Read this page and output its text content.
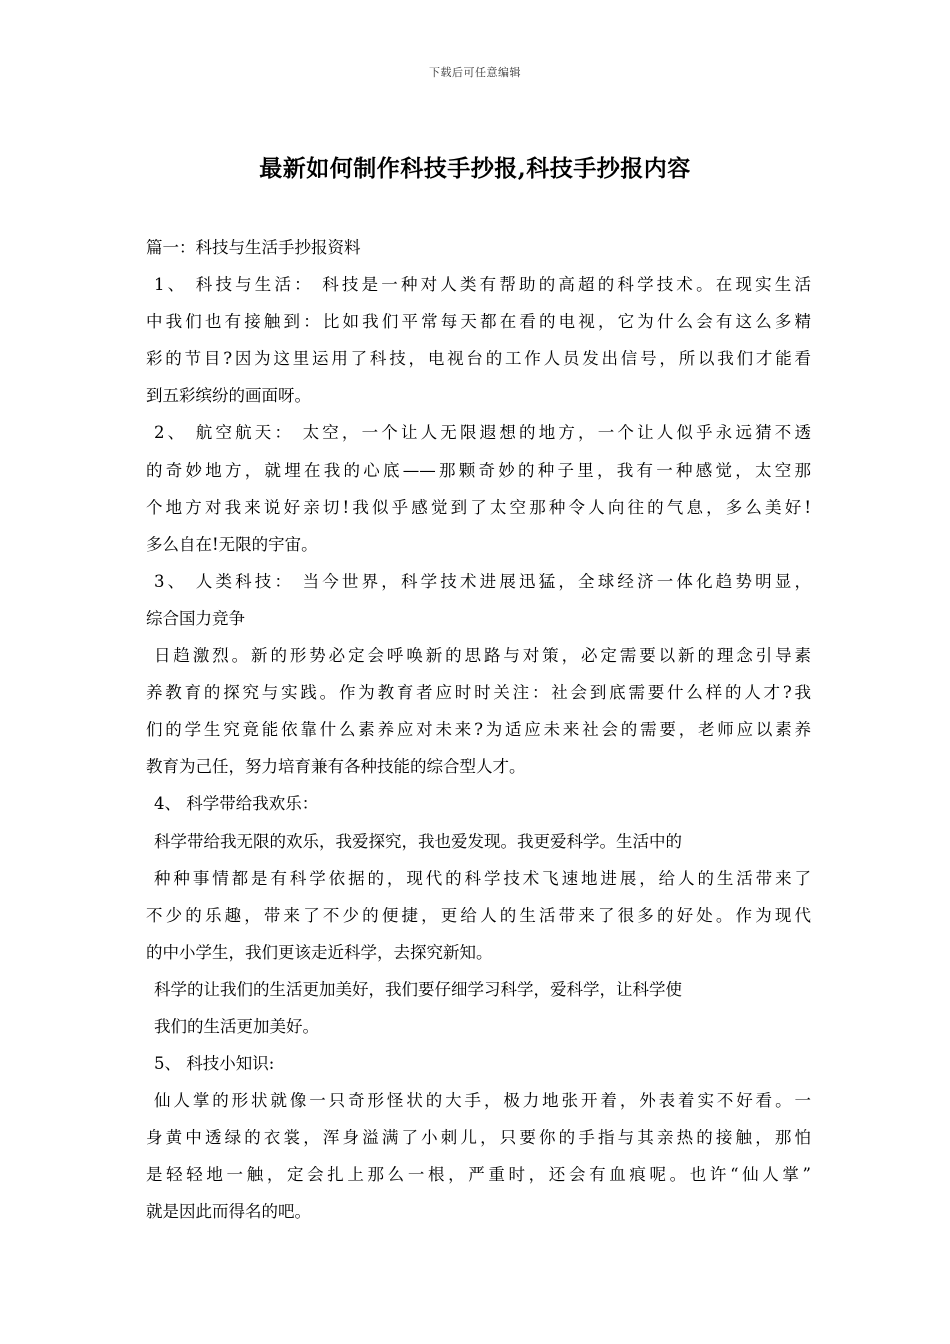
下载后可任意编辑
最新如何制作科技手抄报,科技手抄报内容
篇一：科技与生活手抄报资料
1、 科技与生活： 科技是一种对人类有帮助的高超的科学技术。在现实生活
中我们也有接触到：比如我们平常每天都在看的电视，它为什么会有这么多精
彩的节目?因为这里运用了科技，电视台的工作人员发出信号，所以我们才能看
到五彩缤纷的画面呀。
2、 航空航天： 太空，一个让人无限遐想的地方，一个让人似乎永远猜不透
的奇妙地方，就埋在我的心底——那颗奇妙的种子里，我有一种感觉，太空那
个地方对我来说好亲切!我似乎感觉到了太空那种令人向往的气息，多么美好!
多么自在!无限的宇宙。
3、 人类科技： 当今世界，科学技术进展迅猛，全球经济一体化趋势明显，
综合国力竞争
日趋激烈。新的形势必定会呼唤新的思路与对策，必定需要以新的理念引导素
养教育的探究与实践。作为教育者应时时关注：社会到底需要什么样的人才?我
们的学生究竟能依靠什么素养应对未来?为适应未来社会的需要，老师应以素养
教育为己任，努力培育兼有各种技能的综合型人才。
4、 科学带给我欢乐：
科学带给我无限的欢乐，我爱探究，我也爱发现。我更爱科学。生活中的
种种事情都是有科学依据的，现代的科学技术飞速地进展，给人的生活带来了
不少的乐趣，带来了不少的便捷，更给人的生活带来了很多的好处。作为现代
的中小学生，我们更该走近科学，去探究新知。
科学的让我们的生活更加美好，我们要仔细学习科学，爱科学，让科学使
我们的生活更加美好。
5、 科技小知识:
仙人掌的形状就像一只奇形怪状的大手，极力地张开着，外表着实不好看。一
身黄中透绿的衣裳，浑身溢满了小刺儿，只要你的手指与其亲热的接触，那怕
是轻轻地一触，定会扎上那么一根，严重时，还会有血痕呢。也许“仙人掌”
就是因此而得名的吧。
